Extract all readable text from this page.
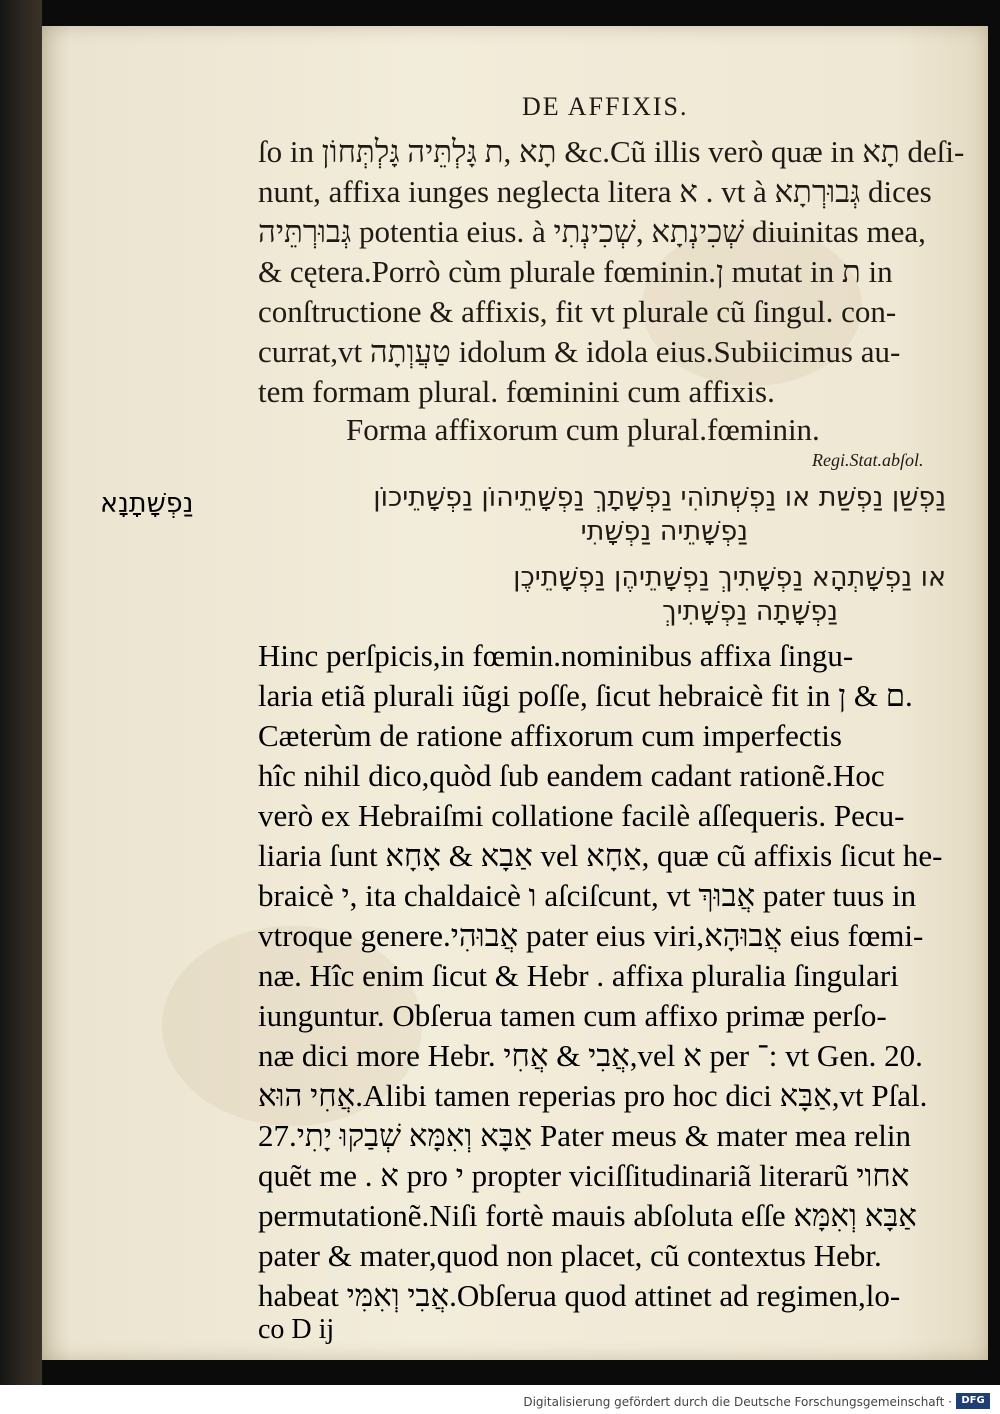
DE AFFIXIS.
ſo in תָא ,ת גָּלְתֵּיה גָּלְתְּחוֹן &c.Cũ illis verò quæ in תָא deſi-
nunt, affixa iunges neglecta litera א . vt à גְּבוּרְתָא dices
גְּבוּרְתֵּיה potentia eius. à שְׁכִינְתָא ,שְׁכִינְתִי diuinitas mea,
& cętera.Porrò cùm plurale fœminin.ן mutat in ת in
conſtructione & affixis, fit vt plurale cũ ſingul. con-
currat,vt טַעֲוְתָה idolum & idola eius.Subiicimus au-
tem formam plural. fœminini cum affixis.
Forma affixorum cum plural.fœminin.
Regi.Stat.abſol.
נַפְשַׁן נַפְשַׁת או נַפְשְׁתוֹהִי נַפְשָׁתָךְ נַפְשָׁתֵיהוֹן נַפְשָׁתֵיכוֹן
נַפְשָׁתֵיה נַפְשָׁתִי
או נַפְשָׁתְהָא נַפְשָׁתִיךְ נַפְשָׁתֵיהֶן נַפְשָׁתֵיכֶן
נַפְשָׁתָה נַפְשָׁתִיךְ
נַפְשָׁתָנָא
Hinc perſpicis,in fœmin.nominibus affixa ſingu-
laria etiã plurali iũgi poſſe, ſicut hebraicè fit in ם & ן.
Cæterùm de ratione affixorum cum imperfectis
hîc nihil dico,quòd ſub eandem cadant rationẽ.Hoc
verò ex Hebraiſmi collatione facilè aſſequeris. Pecu-
liaria ſunt אַבָא & אָחָא vel אַחָא, quæ cũ affixis ſicut he-
braicè י, ita chaldaicè ו aſciſcunt, vt אֲבוּךְ pater tuus in
vtroque genere.אֲבוּהִי pater eius viri,אֲבוּהָא eius fœmi-
næ. Hîc enim ſicut & Hebr . affixa pluralia ſingulari
iunguntur. Obſerua tamen cum affixo primæ perſo-
næ dici more Hebr. אֲבִי & אֲחִי,vel א per ־: vt Gen. 20.
אֲחִי הוּא.Alibi tamen reperias pro hoc dici אַבָּא,vt Pſal.
27.אַבָּא וְאִמָּא שְׁבַקוּ יָתִי Pater meus & mater mea relin
quẽt me . א pro י propter viciſſitudinariã literarũ אחוי
permutationẽ.Niſi fortè mauis abſoluta eſſe אַבָּא וְאִמָּא
pater & mater,quod non placet, cũ contextus Hebr.
habeat אֲבִי וְאִמִּי.Obſerua quod attinet ad regimen,lo-
co D ij
Digitalisierung gefördert durch die Deutsche Forschungsgemeinschaft · DFG
